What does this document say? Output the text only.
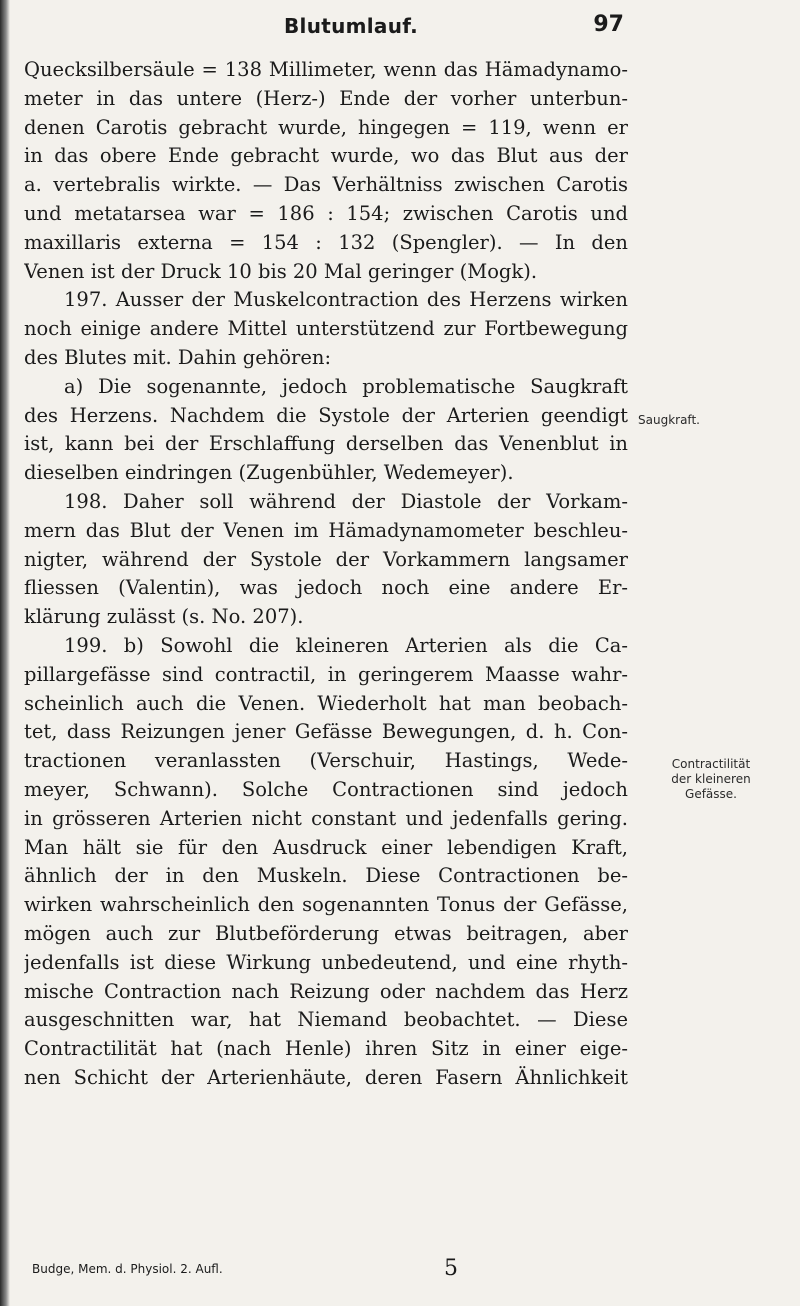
Blutumlauf.	97
Quecksilbersäule = 138 Millimeter, wenn das Hämadynamo-
meter in das untere (Herz-) Ende der vorher unterbun-
denen Carotis gebracht wurde, hingegen = 119, wenn er
in das obere Ende gebracht wurde, wo das Blut aus der
a. vertebralis wirkte. — Das Verhältniss zwischen Carotis
und metatarsea war = 186 : 154; zwischen Carotis und
maxillaris externa = 154 : 132 (Spengler). — In den
Venen ist der Druck 10 bis 20 Mal geringer (Mogk).
197. Ausser der Muskelcontraction des Herzens wirken
noch einige andere Mittel unterstützend zur Fortbewegung
des Blutes mit. Dahin gehören:
a) Die sogenannte, jedoch problematische Saugkraft
des Herzens. Nachdem die Systole der Arterien geendigt
ist, kann bei der Erschlaffung derselben das Venenblut in
dieselben eindringen (Zugenbühler, Wedemeyer).
198. Daher soll während der Diastole der Vorkam-
mern das Blut der Venen im Hämadynamometer beschleu-
nigter, während der Systole der Vorkammern langsamer
fliessen (Valentin), was jedoch noch eine andere Er-
klärung zulässt (s. No. 207).
199. b) Sowohl die kleineren Arterien als die Ca-
pillargefässe sind contractil, in geringerem Maasse wahr-
scheinlich auch die Venen. Wiederholt hat man beobach-
tet, dass Reizungen jener Gefässe Bewegungen, d. h. Con-
tractionen veranlassten (Verschuir, Hastings, Wede-
meyer, Schwann). Solche Contractionen sind jedoch
in grösseren Arterien nicht constant und jedenfalls gering.
Man hält sie für den Ausdruck einer lebendigen Kraft,
ähnlich der in den Muskeln. Diese Contractionen be-
wirken wahrscheinlich den sogenannten Tonus der Gefässe,
mögen auch zur Blutbeförderung etwas beitragen, aber
jedenfalls ist diese Wirkung unbedeutend, und eine rhyth-
mische Contraction nach Reizung oder nachdem das Herz
ausgeschnitten war, hat Niemand beobachtet. — Diese
Contractilität hat (nach Henle) ihren Sitz in einer eige-
nen Schicht der Arterienhäute, deren Fasern Ähnlichkeit
Saugkraft.
Contractilität
der kleineren
Gefässe.
Budge, Mem. d. Physiol. 2. Aufl.	5
